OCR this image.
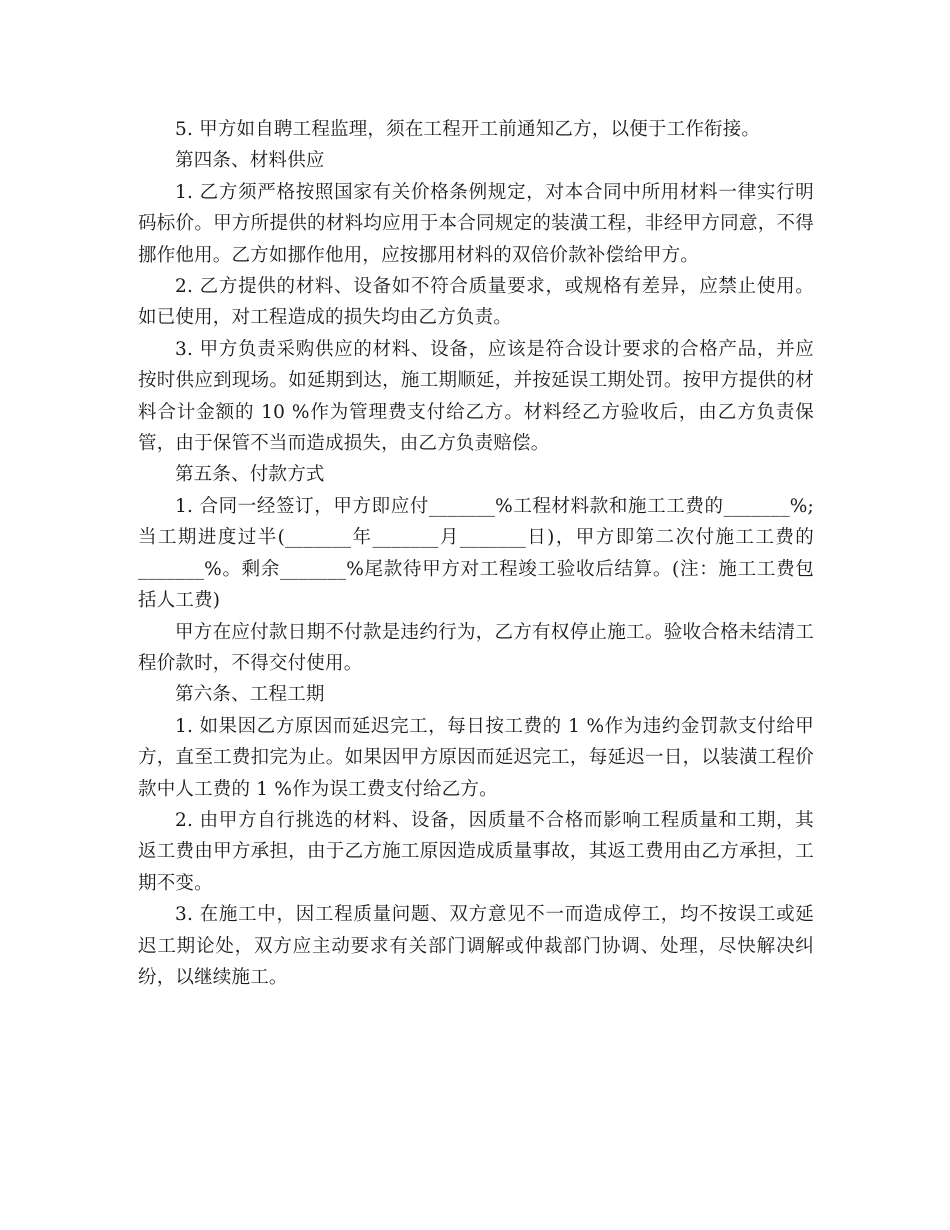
5. 甲方如自聘工程监理，须在工程开工前通知乙方，以便于工作衔接。

第四条、材料供应

1. 乙方须严格按照国家有关价格条例规定，对本合同中所用材料一律实行明码标价。甲方所提供的材料均应用于本合同规定的装潢工程，非经甲方同意，不得挪作他用。乙方如挪作他用，应按挪用材料的双倍价款补偿给甲方。

2. 乙方提供的材料、设备如不符合质量要求，或规格有差异，应禁止使用。如已使用，对工程造成的损失均由乙方负责。

3. 甲方负责采购供应的材料、设备，应该是符合设计要求的合格产品，并应按时供应到现场。如延期到达，施工期顺延，并按延误工期处罚。按甲方提供的材料合计金额的 10 %作为管理费支付给乙方。材料经乙方验收后，由乙方负责保管，由于保管不当而造成损失，由乙方负责赔偿。

第五条、付款方式

1. 合同一经签订，甲方即应付_______%工程材料款和施工工费的_______%;当工期进度过半(_______年_______月_______日)，甲方即第二次付施工工费的_______%。剩余_______%尾款待甲方对工程竣工验收后结算。(注：施工工费包括人工费)

甲方在应付款日期不付款是违约行为，乙方有权停止施工。验收合格未结清工程价款时，不得交付使用。

第六条、工程工期

1. 如果因乙方原因而延迟完工，每日按工费的 1 %作为违约金罚款支付给甲方，直至工费扣完为止。如果因甲方原因而延迟完工，每延迟一日，以装潢工程价款中人工费的 1 %作为误工费支付给乙方。

2. 由甲方自行挑选的材料、设备，因质量不合格而影响工程质量和工期，其返工费由甲方承担，由于乙方施工原因造成质量事故，其返工费用由乙方承担，工期不变。

3. 在施工中，因工程质量问题、双方意见不一而造成停工，均不按误工或延迟工期论处，双方应主动要求有关部门调解或仲裁部门协调、处理，尽快解决纠纷，以继续施工。
